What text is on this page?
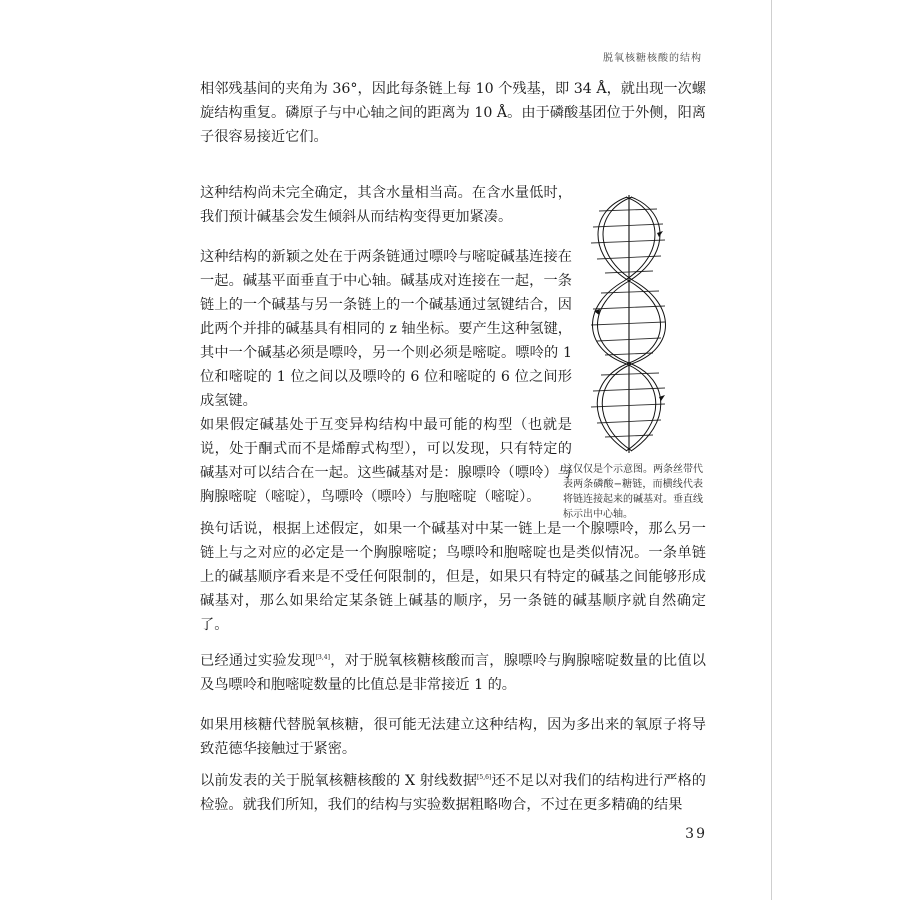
脱氧核糖核酸的结构

相邻残基间的夹角为 36°，因此每条链上每 10 个残基，即 34 Å，就出现一次螺旋结构重复。磷原子与中心轴之间的距离为 10 Å。由于磷酸基团位于外侧，阳离子很容易接近它们。

这种结构尚未完全确定，其含水量相当高。在含水量低时，我们预计碱基会发生倾斜从而结构变得更加紧凑。

这种结构的新颖之处在于两条链通过嘌呤与嘧啶碱基连接在一起。碱基平面垂直于中心轴。碱基成对连接在一起，一条链上的一个碱基与另一条链上的一个碱基通过氢键结合，因此两个并排的碱基具有相同的 z 轴坐标。要产生这种氢键，其中一个碱基必须是嘌呤，另一个则必须是嘧啶。嘌呤的 1 位和嘧啶的 1 位之间以及嘌呤的 6 位和嘧啶的 6 位之间形成氢键。

如果假定碱基处于互变异构结构中最可能的构型（也就是说，处于酮式而不是烯醇式构型），可以发现，只有特定的碱基对可以结合在一起。这些碱基对是：腺嘌呤（嘌呤）与胸腺嘧啶（嘧啶），鸟嘌呤（嘌呤）与胞嘧啶（嘧啶）。

换句话说，根据上述假定，如果一个碱基对中某一链上是一个腺嘌呤，那么另一链上与之对应的必定是一个胸腺嘧啶；鸟嘌呤和胞嘧啶也是类似情况。一条单链上的碱基顺序看来是不受任何限制的，但是，如果只有特定的碱基之间能够形成碱基对，那么如果给定某条链上碱基的顺序，另一条链的碱基顺序就自然确定了。

已经通过实验发现[3,4]，对于脱氧核糖核酸而言，腺嘌呤与胸腺嘧啶数量的比值以及鸟嘌呤和胞嘧啶数量的比值总是非常接近 1 的。

如果用核糖代替脱氧核糖，很可能无法建立这种结构，因为多出来的氧原子将导致范德华接触过于紧密。

以前发表的关于脱氧核糖核酸的 X 射线数据[5,6]还不足以对我们的结构进行严格的检验。就我们所知，我们的结构与实验数据粗略吻合，不过在更多精确的结果

这仅仅是个示意图。两条丝带代表两条磷酸−糖链，而横线代表将链连接起来的碱基对。垂直线标示出中心轴。
39
